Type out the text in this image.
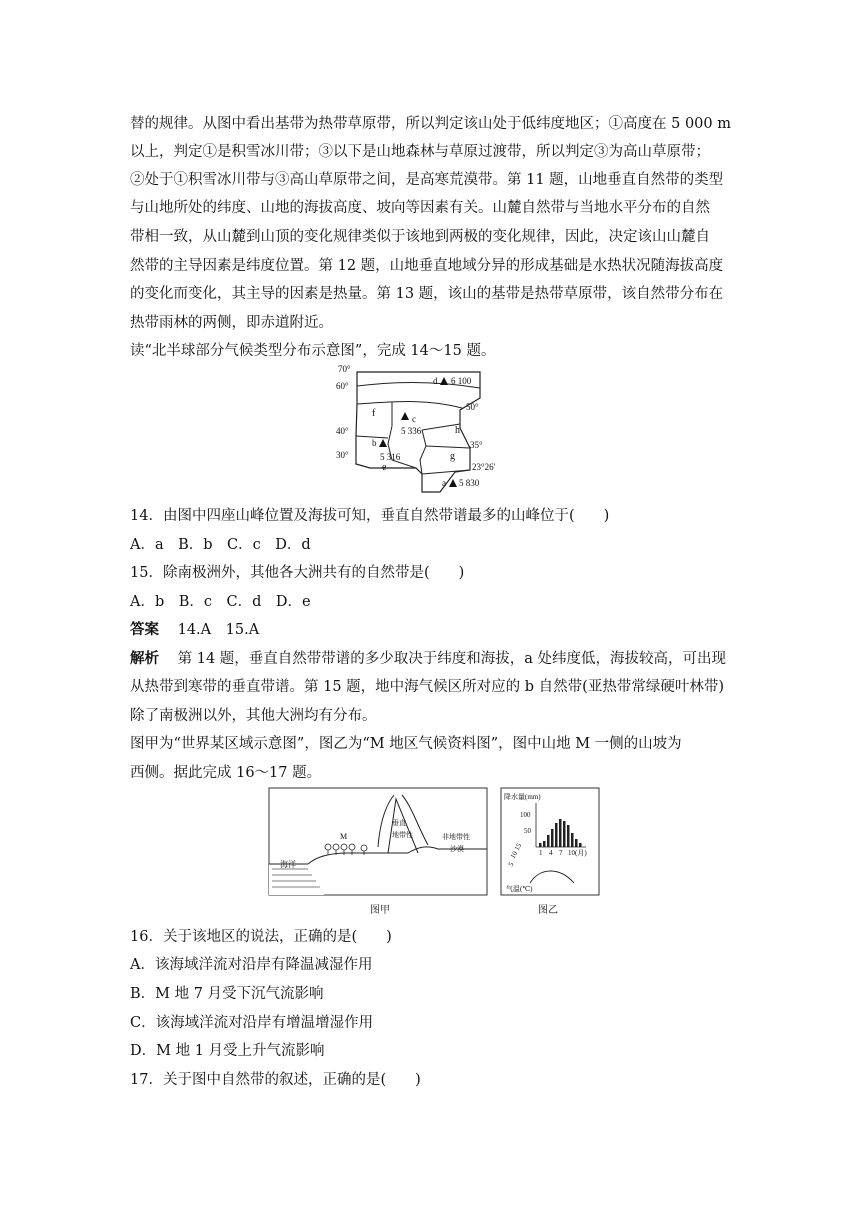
替的规律。从图中看出基带为热带草原带，所以判定该山处于低纬度地区；①高度在 5 000 m
以上，判定①是积雪冰川带；③以下是山地森林与草原过渡带，所以判定③为高山草原带；
②处于①积雪冰川带与③高山草原带之间，是高寒荒漠带。第 11 题，山地垂直自然带的类型
与山地所处的纬度、山地的海拔高度、坡向等因素有关。山麓自然带与当地水平分布的自然
带相一致，从山麓到山顶的变化规律类似于该地到两极的变化规律，因此，决定该山山麓自
然带的主导因素是纬度位置。第 12 题，山地垂直地域分异的形成基础是水热状况随海拔高度
的变化而变化，其主导的因素是热量。第 13 题，该山的基带是热带草原带，该自然带分布在
热带雨林的两侧，即赤道附近。
读“北半球部分气候类型分布示意图”，完成 14～15 题。
70°
60°
50°
40°
35°
30°
23°26′
f
h
g
e
d 6 100
c
5 336
b
5 316
a 5 830
14．由图中四座山峰位置及海拔可知，垂直自然带谱最多的山峰位于(　　)
A．a　B．b　C．c　D．d
15．除南极洲外，其他各大洲共有的自然带是(　　)
A．b　B．c　C．d　D．e
答案 14.A　15.A
解析 第 14 题，垂直自然带带谱的多少取决于纬度和海拔，a 处纬度低，海拔较高，可出现
从热带到寒带的垂直带谱。第 15 题，地中海气候区所对应的 b 自然带(亚热带常绿硬叶林带)
除了南极洲以外，其他大洲均有分布。
图甲为“世界某区域示意图”，图乙为“M 地区气候资料图”，图中山地 M 一侧的山坡为
西侧。据此完成 16～17 题。
海洋
垂直
地带性	非地带性
沙漠
M
图甲
降水量(mm)
100
50
1 4 7 10(月)
15
10
5
气温(℃)
图乙
16．关于该地区的说法，正确的是(　　)
A．该海域洋流对沿岸有降温减湿作用
B．M 地 7 月受下沉气流影响
C．该海域洋流对沿岸有增温增湿作用
D．M 地 1 月受上升气流影响
17．关于图中自然带的叙述，正确的是(　　)
